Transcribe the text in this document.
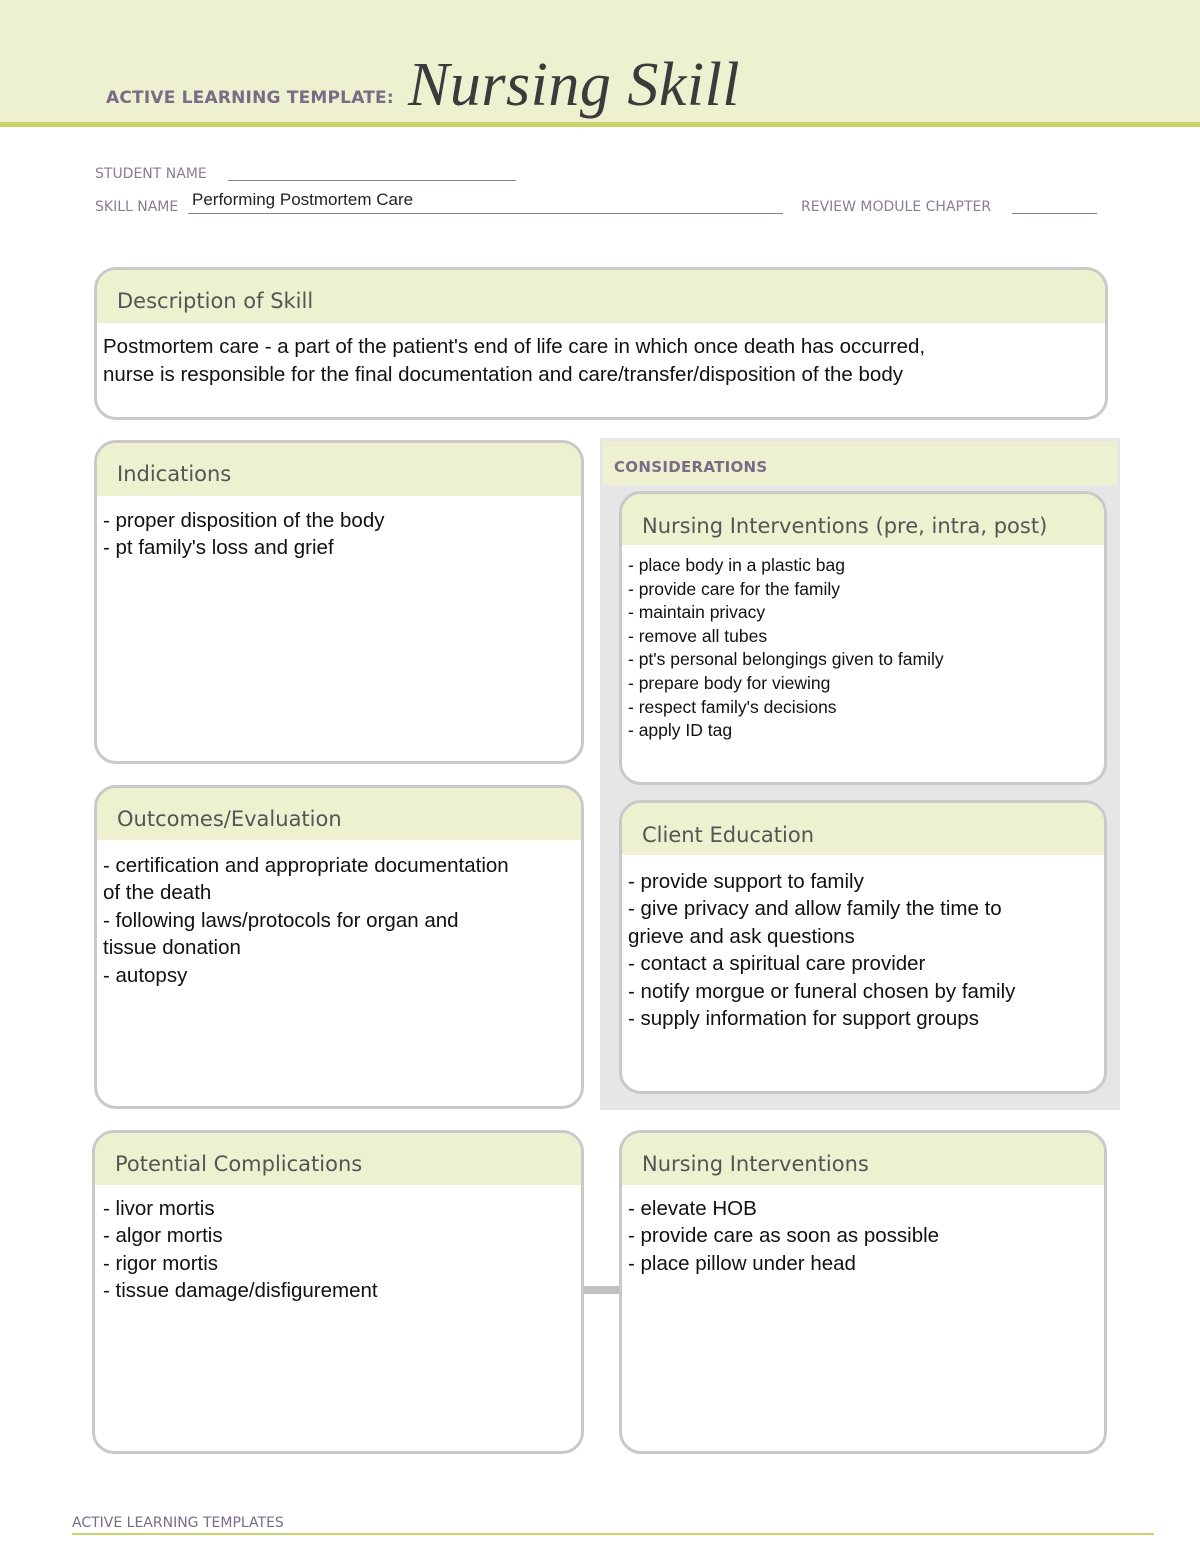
ACTIVE LEARNING TEMPLATE: Nursing Skill
STUDENT NAME
SKILL NAME Performing Postmortem Care	REVIEW MODULE CHAPTER
Description of Skill
Postmortem care - a part of the patient's end of life care in which once death has occurred,
nurse is responsible for the final documentation and care/transfer/disposition of the body
Indications
- proper disposition of the body
- pt family's loss and grief
Outcomes/Evaluation
- certification and appropriate documentation
of the death
- following laws/protocols for organ and
tissue donation
- autopsy
CONSIDERATIONS
Nursing Interventions (pre, intra, post)
- place body in a plastic bag
- provide care for the family
- maintain privacy
- remove all tubes
- pt's personal belongings given to family
- prepare body for viewing
- respect family's decisions
- apply ID tag
Client Education
- provide support to family
- give privacy and allow family the time to
grieve and ask questions
- contact a spiritual care provider
- notify morgue or funeral chosen by family
- supply information for support groups
Potential Complications
- livor mortis
- algor mortis
- rigor mortis
- tissue damage/disfigurement
Nursing Interventions
- elevate HOB
- provide care as soon as possible
- place pillow under head
ACTIVE LEARNING TEMPLATES
